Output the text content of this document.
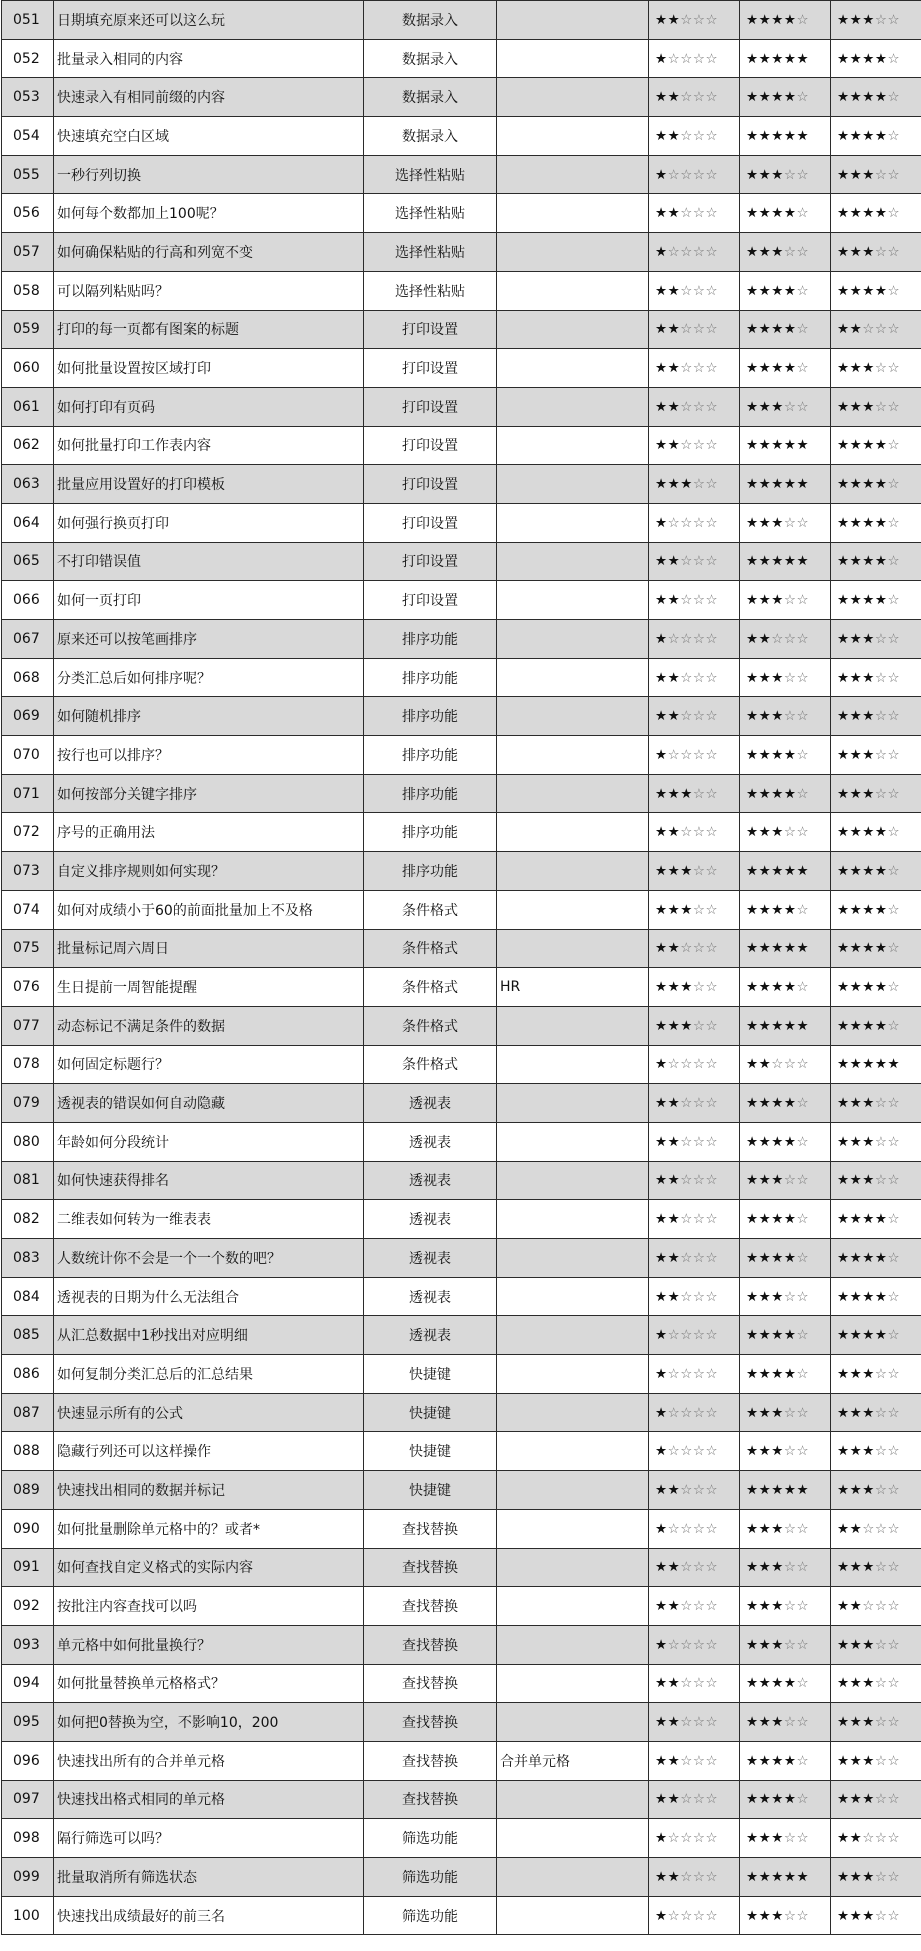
051	日期填充原来还可以这么玩	数据录入		★★☆☆☆	★★★★☆	★★★☆☆
052	批量录入相同的内容	数据录入		★☆☆☆☆	★★★★★	★★★★☆
053	快速录入有相同前缀的内容	数据录入		★★☆☆☆	★★★★☆	★★★★☆
054	快速填充空白区域	数据录入		★★☆☆☆	★★★★★	★★★★☆
055	一秒行列切换	选择性粘贴		★☆☆☆☆	★★★☆☆	★★★☆☆
056	如何每个数都加上100呢？	选择性粘贴		★★☆☆☆	★★★★☆	★★★★☆
057	如何确保粘贴的行高和列宽不变	选择性粘贴		★☆☆☆☆	★★★☆☆	★★★☆☆
058	可以隔列粘贴吗？	选择性粘贴		★★☆☆☆	★★★★☆	★★★★☆
059	打印的每一页都有图案的标题	打印设置		★★☆☆☆	★★★★☆	★★☆☆☆
060	如何批量设置按区域打印	打印设置		★★☆☆☆	★★★★☆	★★★☆☆
061	如何打印有页码	打印设置		★★☆☆☆	★★★☆☆	★★★☆☆
062	如何批量打印工作表内容	打印设置		★★☆☆☆	★★★★★	★★★★☆
063	批量应用设置好的打印模板	打印设置		★★★☆☆	★★★★★	★★★★☆
064	如何强行换页打印	打印设置		★☆☆☆☆	★★★☆☆	★★★★☆
065	不打印错误值	打印设置		★★☆☆☆	★★★★★	★★★★☆
066	如何一页打印	打印设置		★★☆☆☆	★★★☆☆	★★★★☆
067	原来还可以按笔画排序	排序功能		★☆☆☆☆	★★☆☆☆	★★★☆☆
068	分类汇总后如何排序呢？	排序功能		★★☆☆☆	★★★☆☆	★★★☆☆
069	如何随机排序	排序功能		★★☆☆☆	★★★☆☆	★★★☆☆
070	按行也可以排序？	排序功能		★☆☆☆☆	★★★★☆	★★★☆☆
071	如何按部分关键字排序	排序功能		★★★☆☆	★★★★☆	★★★☆☆
072	序号的正确用法	排序功能		★★☆☆☆	★★★☆☆	★★★★☆
073	自定义排序规则如何实现？	排序功能		★★★☆☆	★★★★★	★★★★☆
074	如何对成绩小于60的前面批量加上不及格	条件格式		★★★☆☆	★★★★☆	★★★★☆
075	批量标记周六周日	条件格式		★★☆☆☆	★★★★★	★★★★☆
076	生日提前一周智能提醒	条件格式	HR	★★★☆☆	★★★★☆	★★★★☆
077	动态标记不满足条件的数据	条件格式		★★★☆☆	★★★★★	★★★★☆
078	如何固定标题行？	条件格式		★☆☆☆☆	★★☆☆☆	★★★★★
079	透视表的错误如何自动隐藏	透视表		★★☆☆☆	★★★★☆	★★★☆☆
080	年龄如何分段统计	透视表		★★☆☆☆	★★★★☆	★★★☆☆
081	如何快速获得排名	透视表		★★☆☆☆	★★★☆☆	★★★☆☆
082	二维表如何转为一维表表	透视表		★★☆☆☆	★★★★☆	★★★★☆
083	人数统计你不会是一个一个数的吧？	透视表		★★☆☆☆	★★★★☆	★★★★☆
084	透视表的日期为什么无法组合	透视表		★★☆☆☆	★★★☆☆	★★★★☆
085	从汇总数据中1秒找出对应明细	透视表		★☆☆☆☆	★★★★☆	★★★★☆
086	如何复制分类汇总后的汇总结果	快捷键		★☆☆☆☆	★★★★☆	★★★☆☆
087	快速显示所有的公式	快捷键		★☆☆☆☆	★★★☆☆	★★★☆☆
088	隐藏行列还可以这样操作	快捷键		★☆☆☆☆	★★★☆☆	★★★☆☆
089	快速找出相同的数据并标记	快捷键		★★☆☆☆	★★★★★	★★★☆☆
090	如何批量删除单元格中的？或者*	查找替换		★☆☆☆☆	★★★☆☆	★★☆☆☆
091	如何查找自定义格式的实际内容	查找替换		★★☆☆☆	★★★☆☆	★★★☆☆
092	按批注内容查找可以吗	查找替换		★★☆☆☆	★★★☆☆	★★☆☆☆
093	单元格中如何批量换行？	查找替换		★☆☆☆☆	★★★☆☆	★★★☆☆
094	如何批量替换单元格格式？	查找替换		★★☆☆☆	★★★★☆	★★★☆☆
095	如何把0替换为空，不影响10，200	查找替换		★★☆☆☆	★★★☆☆	★★★☆☆
096	快速找出所有的合并单元格	查找替换	合并单元格	★★☆☆☆	★★★★☆	★★★☆☆
097	快速找出格式相同的单元格	查找替换		★★☆☆☆	★★★★☆	★★★☆☆
098	隔行筛选可以吗？	筛选功能		★☆☆☆☆	★★★☆☆	★★☆☆☆
099	批量取消所有筛选状态	筛选功能		★★☆☆☆	★★★★★	★★★☆☆
100	快速找出成绩最好的前三名	筛选功能		★☆☆☆☆	★★★☆☆	★★★☆☆
